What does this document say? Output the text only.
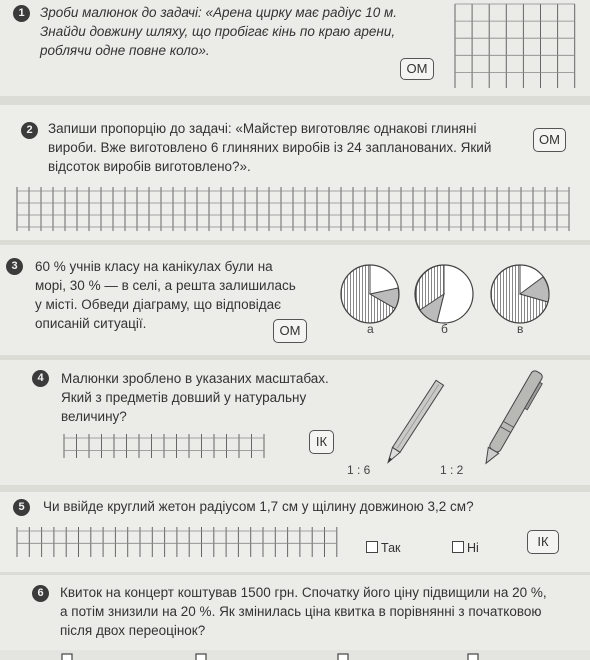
1	Зроби малюнок до задачі: «Арена цирку має радіус 10 м.
Знайди довжину шляху, що пробігає кінь по краю арени,
роблячи одне повне коло».
ОМ
2	Запиши пропорцію до задачі: «Майстер виготовляє однакові глиняні
вироби. Вже виготовлено 6 глиняних виробів із 24 запланованих. Який
відсоток виробів виготовлено?».
ОМ
3	60 % учнів класу на канікулах були на
морі, 30 % — в селі, а решта залишилась
у місті. Обведи діаграму, що відповідає
описаній ситуації.	ОМ	а	б	в
4	Малюнки зроблено в указаних масштабах.
Який з предметів довший у натуральну
величину?
ІК
1 : 6	1 : 2
5	Чи ввійде круглий жетон радіусом 1,7 см у щілину довжиною 3,2 см?
Так	Ні	ІК
6	Квиток на концерт коштував 1500 грн. Спочатку його ціну підвищили на 20 %,
а потім знизили на 20 %. Як змінилась ціна квитка в порівнянні з початковою
після двох переоцінок?
